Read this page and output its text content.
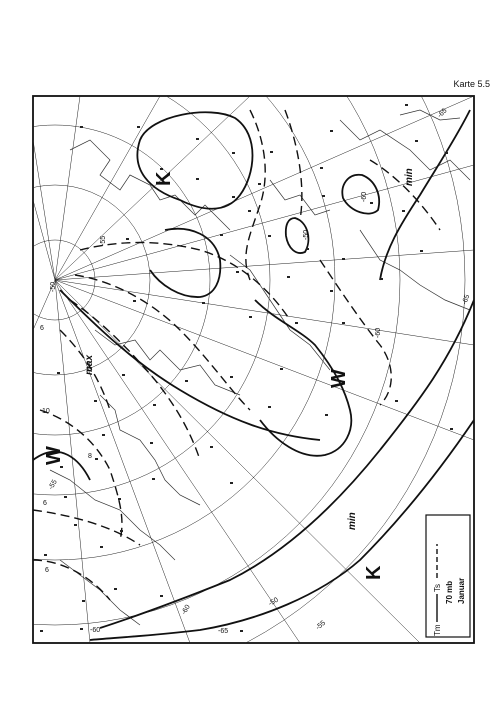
Karte 5.5
K
K
W
W
max
min
min
-55
-50
-60
-65
-60
-65
10
6
-50
-55
-60	-65
-50
-55
-60
6
6
8
Tm
Ts 70 mb Januar
